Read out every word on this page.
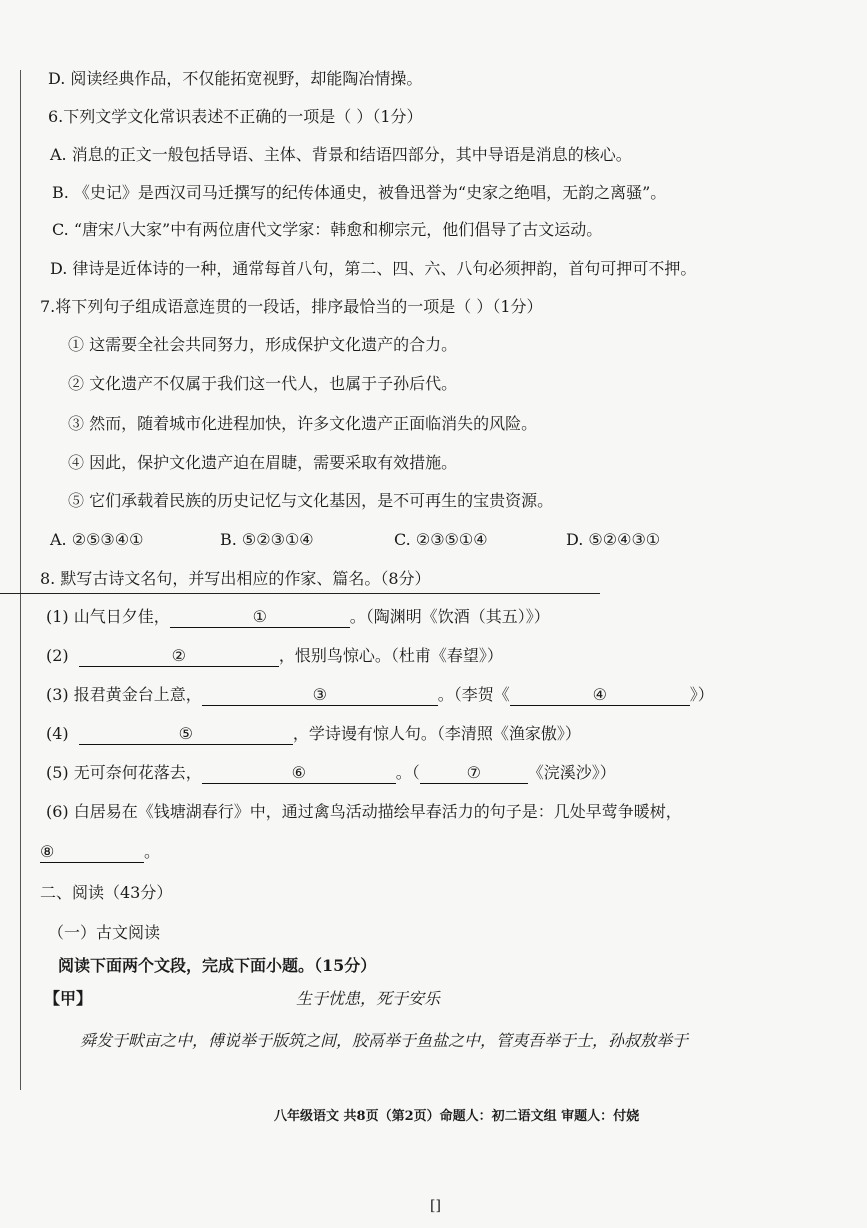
D. 阅读经典作品，不仅能拓宽视野，却能陶冶情操。
6.下列文学文化常识表述不正确的一项是（ ）（1分）
A. 消息的正文一般包括导语、主体、背景和结语四部分，其中导语是消息的核心。
B. 《史记》是西汉司马迁撰写的纪传体通史，被鲁迅誉为“史家之绝唱，无韵之离骚”。
C. “唐宋八大家”中有两位唐代文学家：韩愈和柳宗元，他们倡导了古文运动。
D. 律诗是近体诗的一种，通常每首八句，第二、四、六、八句必须押韵，首句可押可不押。
7.将下列句子组成语意连贯的一段话，排序最恰当的一项是（ ）（1分）
① 这需要全社会共同努力，形成保护文化遗产的合力。
② 文化遗产不仅属于我们这一代人，也属于子孙后代。
③ 然而，随着城市化进程加快，许多文化遗产正面临消失的风险。
④ 因此，保护文化遗产迫在眉睫，需要采取有效措施。
⑤ 它们承载着民族的历史记忆与文化基因，是不可再生的宝贵资源。
A. ②⑤③④①	B. ⑤②③①④	C. ②③⑤①④	D. ⑤②④③①
8. 默写古诗文名句，并写出相应的作家、篇名。（8分）
(1) 山气日夕佳，	①	。（陶渊明《饮酒（其五）》）
(2)	②	，恨别鸟惊心。（杜甫《春望》）
(3) 报君黄金台上意，	③	。（李贺《	④	》）
(4)	⑤	，学诗谩有惊人句。（李清照《渔家傲》）
(5) 无可奈何花落去，	⑥	。（	⑦	《浣溪沙》）
(6) 白居易在《钱塘湖春行》中，通过禽鸟活动描绘早春活力的句子是：几处早莺争暖树，
⑧	。
二、阅读（43分）
（一）古文阅读
阅读下面两个文段，完成下面小题。（15分）
【甲】	生于忧患，死于安乐
舜发于畎亩之中，傅说举于版筑之间，胶鬲举于鱼盐之中，管夷吾举于士，孙叔敖举于
八年级语文 共8页（第2页）命题人：初二语文组 审题人：付娆
[]
